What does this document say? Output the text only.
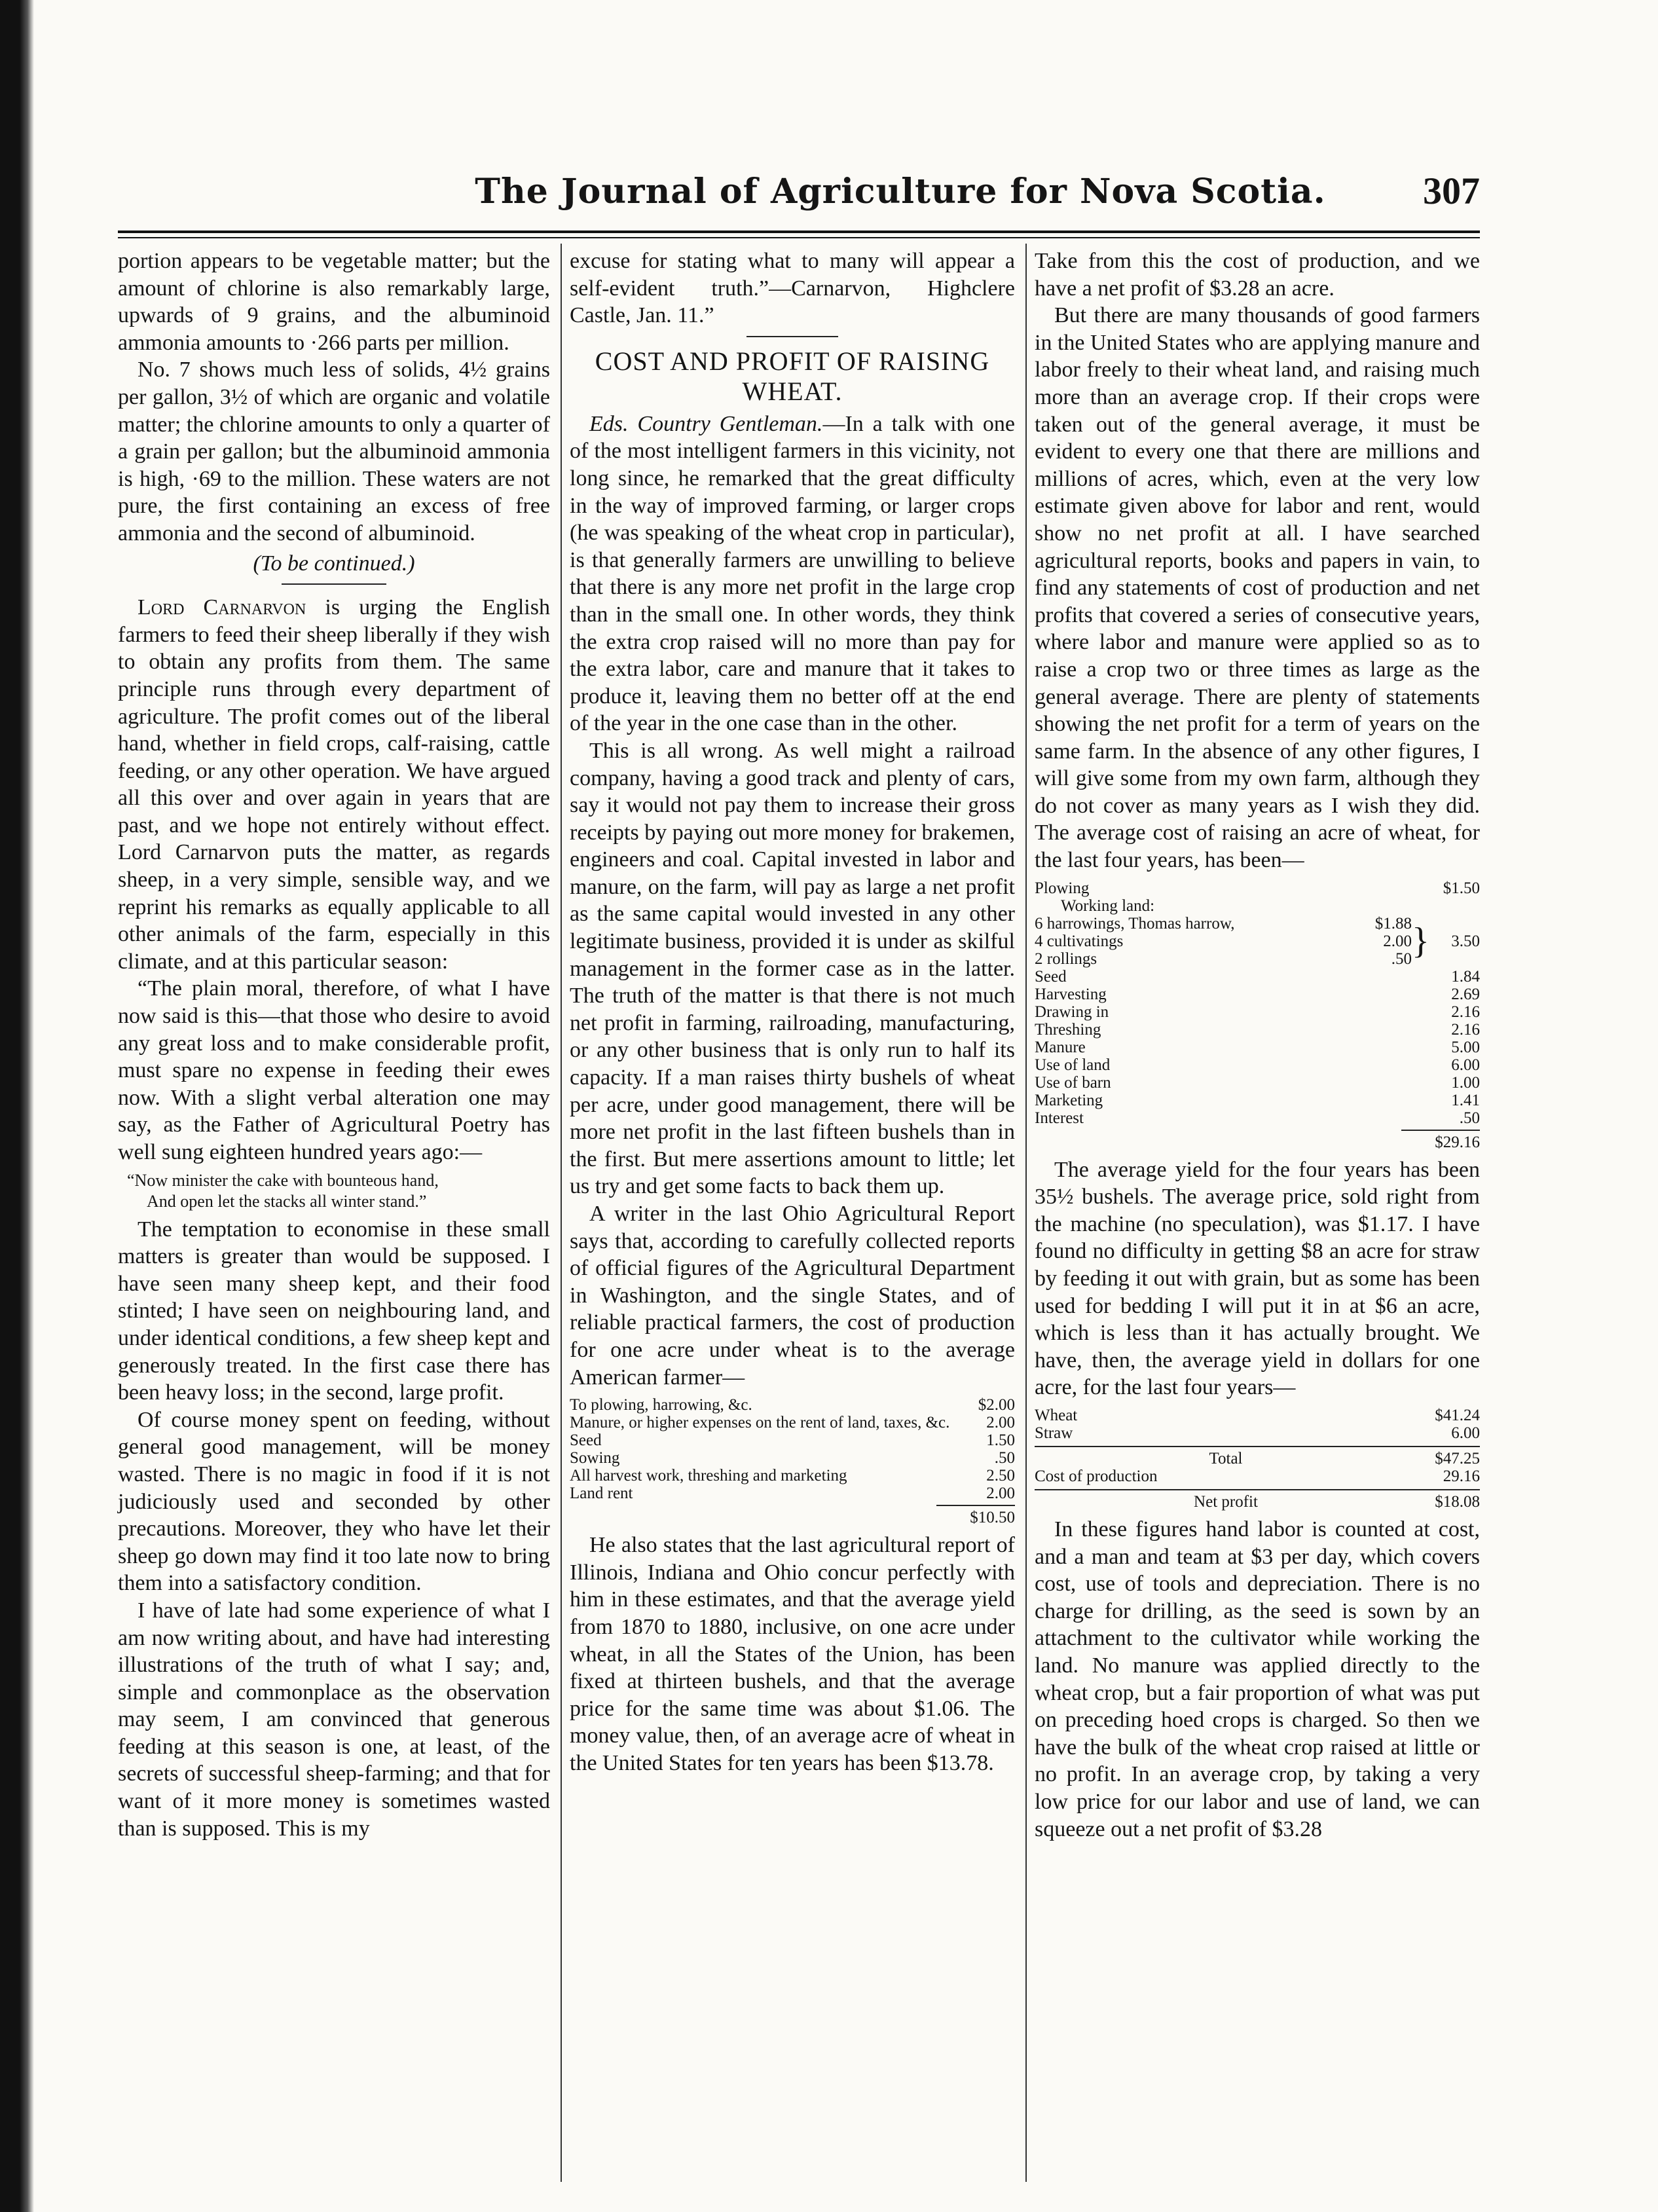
The Journal of Agriculture for Nova Scotia.	307

portion appears to be vegetable matter; but the amount of chlorine is also remarkably large, upwards of 9 grains, and the albuminoid ammonia amounts to ·266 parts per million.

No. 7 shows much less of solids, 4½ grains per gallon, 3½ of which are organic and volatile matter; the chlorine amounts to only a quarter of a grain per gallon; but the albuminoid ammonia is high, ·69 to the million. These waters are not pure, the first containing an excess of free ammonia and the second of albuminoid.

(To be continued.)

Lord Carnarvon is urging the English farmers to feed their sheep liberally if they wish to obtain any profits from them. The same principle runs through every department of agriculture. The profit comes out of the liberal hand, whether in field crops, calf-raising, cattle feeding, or any other operation. We have argued all this over and over again in years that are past, and we hope not entirely without effect. Lord Carnarvon puts the matter, as regards sheep, in a very simple, sensible way, and we reprint his remarks as equally applicable to all other animals of the farm, especially in this climate, and at this particular season:

“The plain moral, therefore, of what I have now said is this—that those who desire to avoid any great loss and to make considerable profit, must spare no expense in feeding their ewes now. With a slight verbal alteration one may say, as the Father of Agricultural Poetry has well sung eighteen hundred years ago:—

“Now minister the cake with bounteous hand,
And open let the stacks all winter stand.”

The temptation to economise in these small matters is greater than would be supposed. I have seen many sheep kept, and their food stinted; I have seen on neighbouring land, and under identical conditions, a few sheep kept and generously treated. In the first case there has been heavy loss; in the second, large profit.

Of course money spent on feeding, without general good management, will be money wasted. There is no magic in food if it is not judiciously used and seconded by other precautions. Moreover, they who have let their sheep go down may find it too late now to bring them into a satisfactory condition.

I have of late had some experience of what I am now writing about, and have had interesting illustrations of the truth of what I say; and, simple and commonplace as the observation may seem, I am convinced that generous feeding at this season is one, at least, of the secrets of successful sheep-farming; and that for want of it more money is sometimes wasted than is supposed. This is my

excuse for stating what to many will appear a self-evident truth.”—Carnarvon, Highclere Castle, Jan. 11.”

COST AND PROFIT OF RAISING WHEAT.

Eds. Country Gentleman.—In a talk with one of the most intelligent farmers in this vicinity, not long since, he remarked that the great difficulty in the way of improved farming, or larger crops (he was speaking of the wheat crop in particular), is that generally farmers are unwilling to believe that there is any more net profit in the large crop than in the small one. In other words, they think the extra crop raised will no more than pay for the extra labor, care and manure that it takes to produce it, leaving them no better off at the end of the year in the one case than in the other.

This is all wrong. As well might a railroad company, having a good track and plenty of cars, say it would not pay them to increase their gross receipts by paying out more money for brakemen, engineers and coal. Capital invested in labor and manure, on the farm, will pay as large a net profit as the same capital would invested in any other legitimate business, provided it is under as skilful management in the former case as in the latter. The truth of the matter is that there is not much net profit in farming, railroading, manufacturing, or any other business that is only run to half its capacity. If a man raises thirty bushels of wheat per acre, under good management, there will be more net profit in the last fifteen bushels than in the first. But mere assertions amount to little; let us try and get some facts to back them up.

A writer in the last Ohio Agricultural Report says that, according to carefully collected reports of official figures of the Agricultural Department in Washington, and the single States, and of reliable practical farmers, the cost of production for one acre under wheat is to the average American farmer—

To plowing, harrowing, &c.	$2.00
Manure, or higher expenses on the rent of land, taxes, &c.	2.00
Seed	1.50
Sowing	.50
All harvest work, threshing and marketing	2.50
Land rent	2.00
$10.50

He also states that the last agricultural report of Illinois, Indiana and Ohio concur perfectly with him in these estimates, and that the average yield from 1870 to 1880, inclusive, on one acre under wheat, in all the States of the Union, has been fixed at thirteen bushels, and that the average price for the same time was about $1.06. The money value, then, of an average acre of wheat in the United States for ten years has been $13.78.

Take from this the cost of production, and we have a net profit of $3.28 an acre.

But there are many thousands of good farmers in the United States who are applying manure and labor freely to their wheat land, and raising much more than an average crop. If their crops were taken out of the general average, it must be evident to every one that there are millions and millions of acres, which, even at the very low estimate given above for labor and rent, would show no net profit at all. I have searched agricultural reports, books and papers in vain, to find any statements of cost of production and net profits that covered a series of consecutive years, where labor and manure were applied so as to raise a crop two or three times as large as the general average. There are plenty of statements showing the net profit for a term of years on the same farm. In the absence of any other figures, I will give some from my own farm, although they do not cover as many years as I wish they did. The average cost of raising an acre of wheat, for the last four years, has been—

Plowing	$1.50
Working land:
6 harrowings, Thomas harrow,	$1.88
4 cultivatings	2.00
2 rollings	.50 }	3.50
Seed	1.84
Harvesting	2.69
Drawing in	2.16
Threshing	2.16
Manure	5.00
Use of land	6.00
Use of barn	1.00
Marketing	1.41
Interest	.50
$29.16

The average yield for the four years has been 35½ bushels. The average price, sold right from the machine (no speculation), was $1.17. I have found no difficulty in getting $8 an acre for straw by feeding it out with grain, but as some has been used for bedding I will put it in at $6 an acre, which is less than it has actually brought. We have, then, the average yield in dollars for one acre, for the last four years—

Wheat	$41.24
Straw	6.00
Total	$47.25
Cost of production	29.16
Net profit	$18.08

In these figures hand labor is counted at cost, and a man and team at $3 per day, which covers cost, use of tools and depreciation. There is no charge for drilling, as the seed is sown by an attachment to the cultivator while working the land. No manure was applied directly to the wheat crop, but a fair proportion of what was put on preceding hoed crops is charged. So then we have the bulk of the wheat crop raised at little or no profit. In an average crop, by taking a very low price for our labor and use of land, we can squeeze out a net profit of $3.28
